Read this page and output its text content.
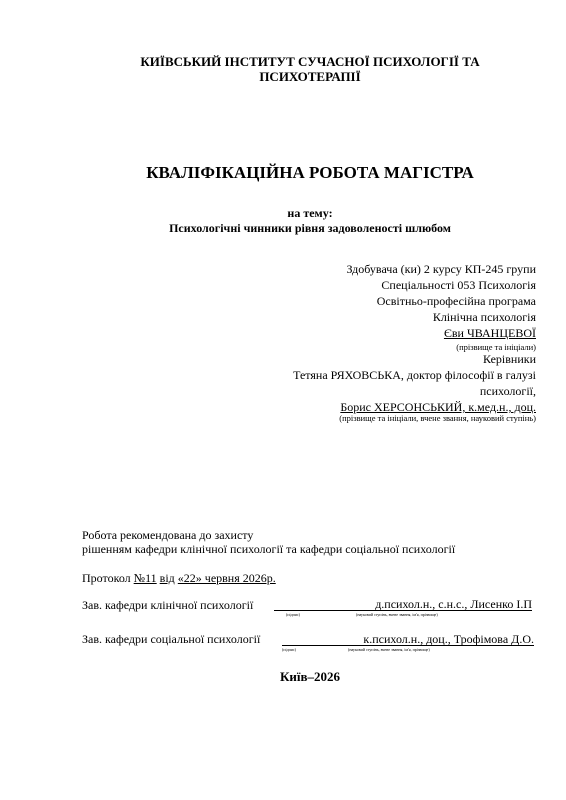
КИЇВСЬКИЙ ІНСТИТУТ СУЧАСНОЇ ПСИХОЛОГІЇ ТА
ПСИХОТЕРАПІЇ
КВАЛІФІКАЦІЙНА РОБОТА МАГІСТРА
на тему:
Психологічні чинники рівня задоволеності шлюбом
Здобувача (ки) 2 курсу КП-245 групи
Спеціальності 053 Психологія
Освітньо-професійна програма
Клінічна психологія
Єви ЧВАНЦЕВОЇ
(прізвище та ініціали)
Керівники
Тетяна РЯХОВСЬКА, доктор філософії в галузі
психології,
Борис ХЕРСОНСЬКИЙ, к.мед.н., доц.
(прізвище та ініціали, вчене звання, науковий ступінь)
Робота рекомендована до захисту
рішенням кафедри клінічної психології та кафедри соціальної психології
Протокол №11 від «22» червня 2026р.
Зав. кафедри клінічної психології	д.психол.н., с.н.с., Лисенко І.П
(підпис)	(науковий ступінь, вчене звання, ім'я, прізвище)
Зав. кафедри соціальної психології	к.психол.н., доц., Трофімова Д.О.
(підпис)	(науковий ступінь, вчене звання, ім'я, прізвище)
Київ–2026
